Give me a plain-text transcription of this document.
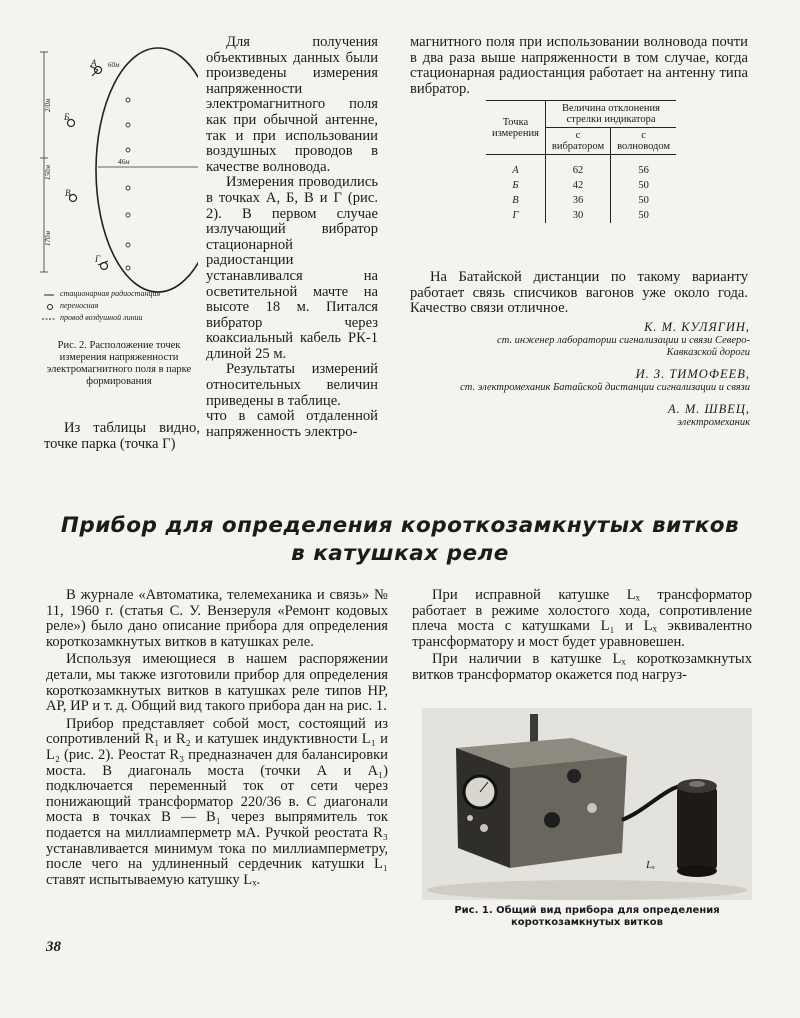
А
Б
В
Г
60м
46м
2/0м
150м
170м
стационарная радиостанция
переносная
провод воздушной линии
Рис. 2. Расположение точек измерения напряженности электромагнитного поля в парке формирования

Из таблицы видно, точке парка (точка Г)

Для получения объективных данных были произведены измерения напряженности электромагнитного поля как при обычной антенне, так и при использовании воздушных проводов в качестве волновода.

Измерения проводились в точках А, Б, В и Г (рис. 2). В первом случае излучающий вибратор стационарной радиостанции устанавливался на осветительной мачте на высоте 18 м. Питался вибратор через коаксиальный кабель РК-1 длиной 25 м.

Результаты измерений относительных величин приведены в таблице.

что в самой отдаленной напряженность электро-

магнитного поля при использовании волновода почти в два раза выше напряженности в том случае, когда стационарная радиостанция работает на антенну типа вибратор.

Точка измерения	Величина отклонения стрелки индикатора	
	с вибратором	с волноводом

А	62	56
Б	42	50
В	36	50
Г	30	50

На Батайской дистанции по такому варианту работает связь списчиков вагонов уже около года. Качество связи отличное.

К. М. КУЛЯГИН,
ст. инженер лаборатории сигнализации и связи Северо-Кавказской дороги
И. З. ТИМОФЕЕВ,
ст. электромеханик Батайской дистанции сигнализации и связи
А. М. ШВЕЦ,
электромеханик
Прибор для определения короткозамкнутых витков
в катушках реле

В журнале «Автоматика, телемеханика и связь» № 11, 1960 г. (статья С. У. Вензеруля «Ремонт кодовых реле») было дано описание прибора для определения короткозамкнутых витков в катушках реле.

Используя имеющиеся в нашем распоряжении детали, мы также изготовили прибор для определения короткозамкнутых витков в катушках реле типов НР, АР, ИР и т. д. Общий вид такого прибора дан на рис. 1.

Прибор представляет собой мост, состоящий из сопротивлений R₁ и R₂ и катушек индуктивности L₁ и L₂ (рис. 2). Реостат R₃ предназначен для балансировки моста. В диагональ моста (точки А и А₁) подключается переменный ток от сети через понижающий трансформатор 220/36 в. С диагонали моста в точках В — В₁ через выпрямитель ток подается на миллиамперметр мА. Ручкой реостата R₃ устанавливается минимум тока по миллиамперметру, после чего на удлиненный сердечник катушки L₁ ставят испытываемую катушку Lₓ.

При исправной катушке Lₓ трансформатор работает в режиме холостого хода, сопротивление плеча моста с катушками L₁ и Lₓ эквивалентно трансформатору и мост будет уравновешен.

При наличии в катушке Lₓ короткозамкнутых витков трансформатор окажется под нагруз-

Lₓ
Рис. 1. Общий вид прибора для определения короткозамкнутых витков
38
